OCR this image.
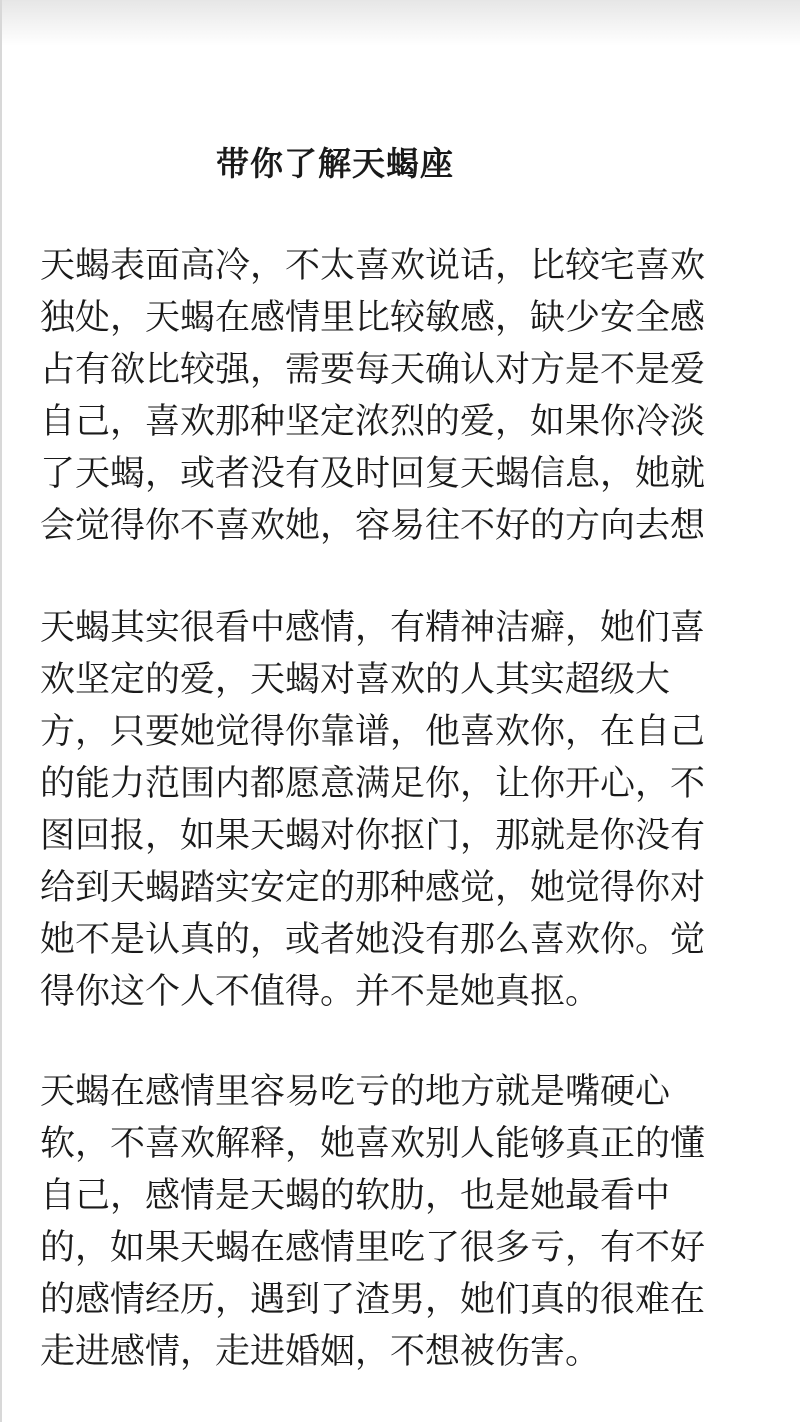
带你了解天蝎座
天蝎表面高冷，不太喜欢说话，比较宅喜欢
独处，天蝎在感情里比较敏感，缺少安全感
占有欲比较强，需要每天确认对方是不是爱
自己，喜欢那种坚定浓烈的爱，如果你冷淡
了天蝎，或者没有及时回复天蝎信息，她就
会觉得你不喜欢她，容易往不好的方向去想
天蝎其实很看中感情，有精神洁癖，她们喜
欢坚定的爱，天蝎对喜欢的人其实超级大
方，只要她觉得你靠谱，他喜欢你，在自己
的能力范围内都愿意满足你，让你开心，不
图回报，如果天蝎对你抠门，那就是你没有
给到天蝎踏实安定的那种感觉，她觉得你对
她不是认真的，或者她没有那么喜欢你。觉
得你这个人不值得。并不是她真抠。
天蝎在感情里容易吃亏的地方就是嘴硬心
软，不喜欢解释，她喜欢别人能够真正的懂
自己，感情是天蝎的软肋，也是她最看中
的，如果天蝎在感情里吃了很多亏，有不好
的感情经历，遇到了渣男，她们真的很难在
走进感情，走进婚姻，不想被伤害。
